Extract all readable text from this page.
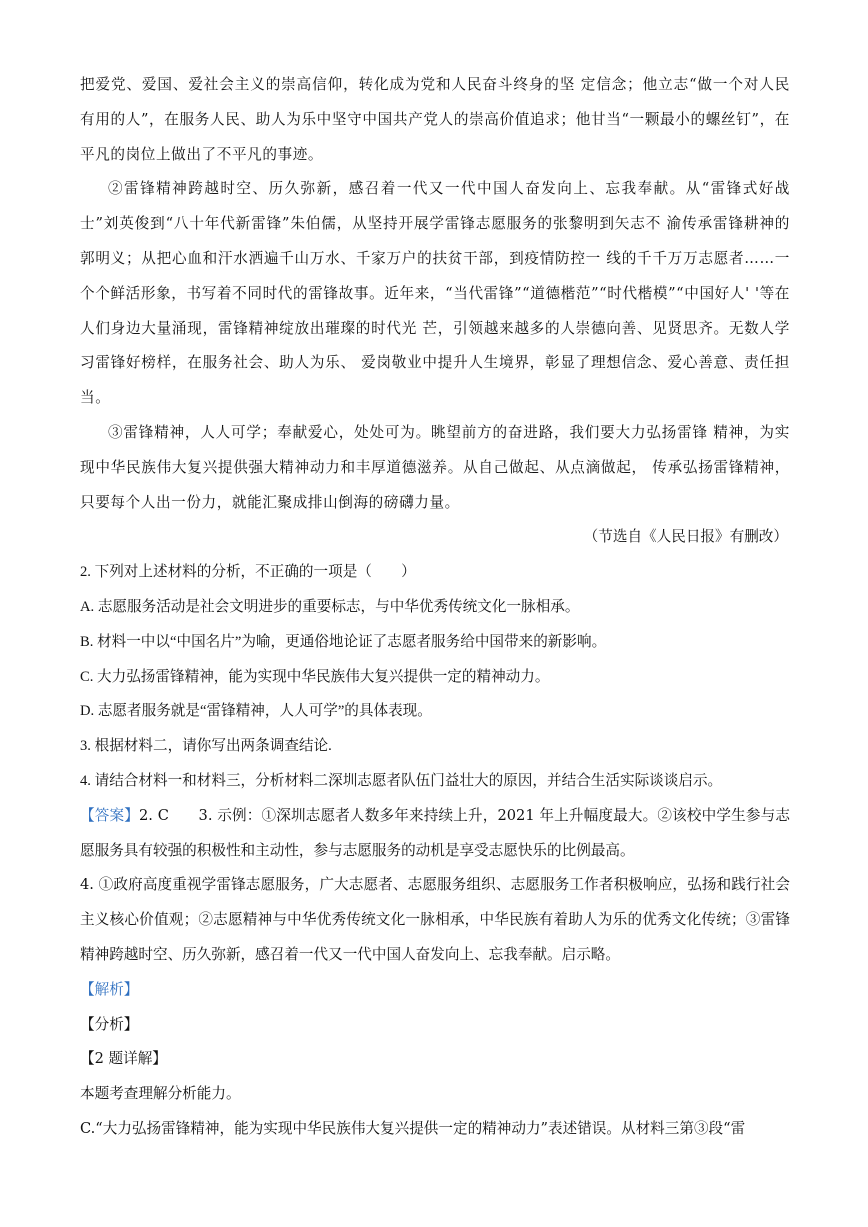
把爱党、爱国、爱社会主义的崇高信仰，转化成为党和人民奋斗终身的坚 定信念；他立志“做一个对人民有用的人”，在服务人民、助人为乐中坚守中国共产党人的崇高价值追求；他甘当“一颗最小的螺丝钉”，在平凡的岗位上做出了不平凡的事迹。

②雷锋精神跨越时空、历久弥新，感召着一代又一代中国人奋发向上、忘我奉献。从“雷锋式好战士”刘英俊到“八十年代新雷锋”朱伯儒，从坚持开展学雷锋志愿服务的张黎明到矢志不 渝传承雷锋耕神的郭明义；从把心血和汗水洒遍千山万水、千家万户的扶贫干部，到疫情防控一 线的千千万万志愿者……一个个鲜活形象，书写着不同时代的雷锋故事。近年来，“当代雷锋”“道德楷范”“时代楷模”“中国好人' '等在人们身边大量涌现，雷锋精神绽放出璀璨的时代光 芒，引领越来越多的人崇德向善、见贤思齐。无数人学习雷锋好榜样，在服务社会、助人为乐、 爱岗敬业中提升人生境界，彰显了理想信念、爱心善意、责任担当。

③雷锋精神，人人可学；奉献爱心，处处可为。眺望前方的奋进路，我们要大力弘扬雷锋 精神，为实现中华民族伟大复兴提供强大精神动力和丰厚道德滋养。从自己做起、从点滴做起， 传承弘扬雷锋精神，只要每个人出一份力，就能汇聚成排山倒海的磅礴力量。

（节选自《人民日报》有删改）

2. 下列对上述材料的分析，不正确的一项是（　　）

A. 志愿服务活动是社会文明进步的重要标志，与中华优秀传统文化一脉相承。

B. 材料一中以“中国名片”为喻，更通俗地论证了志愿者服务给中国带来的新影响。

C. 大力弘扬雷锋精神，能为实现中华民族伟大复兴提供一定的精神动力。

D. 志愿者服务就是“雷锋精神，人人可学”的具体表现。

3. 根据材料二，请你写出两条调查结论.

4. 请结合材料一和材料三，分析材料二深圳志愿者队伍门益壮大的原因，并结合生活实际谈谈启示。

【答案】2. C　　3. 示例：①深圳志愿者人数多年来持续上升，2021 年上升幅度最大。②该校中学生参与志愿服务具有较强的积极性和主动性，参与志愿服务的动机是享受志愿快乐的比例最高。

4. ①政府高度重视学雷锋志愿服务，广大志愿者、志愿服务组织、志愿服务工作者积极响应，弘扬和践行社会主义核心价值观；②志愿精神与中华优秀传统文化一脉相承，中华民族有着助人为乐的优秀文化传统；③雷锋精神跨越时空、历久弥新，感召着一代又一代中国人奋发向上、忘我奉献。启示略。

【解析】

【分析】

【2 题详解】

本题考查理解分析能力。

C.“大力弘扬雷锋精神，能为实现中华民族伟大复兴提供一定的精神动力”表述错误。从材料三第③段“雷
